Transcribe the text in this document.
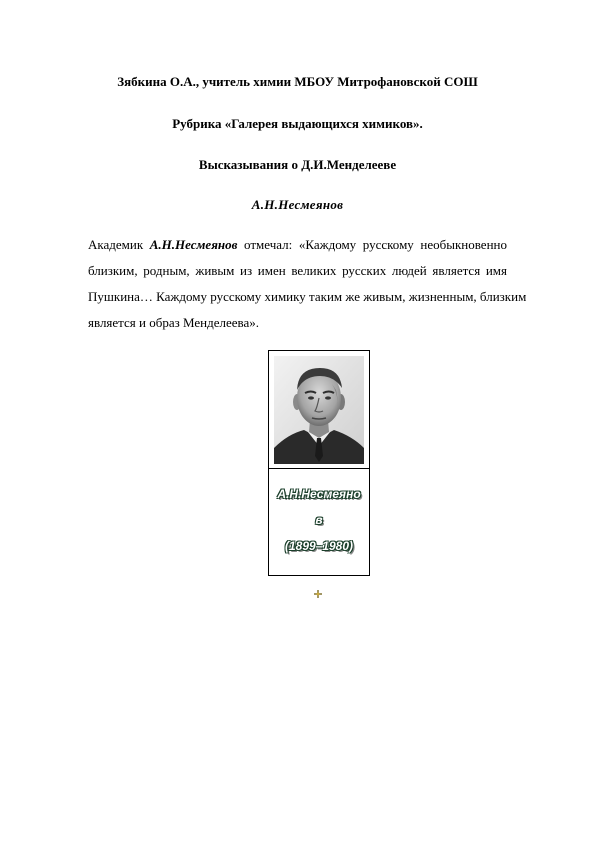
Зябкина О.А., учитель химии МБОУ Митрофановской СОШ
Рубрика «Галерея выдающихся химиков».
Высказывания о Д.И.Менделееве
А.Н.Несмеянов
Академик А.Н.Несмеянов отмечал: «Каждому русскому необыкновенно
близким, родным, живым из имен великих русских людей является имя
Пушкина… Каждому русскому химику таким же живым, жизненным, близким
является и образ Менделеева».
А.Н.Несмеяно
в
(1899–1980)
